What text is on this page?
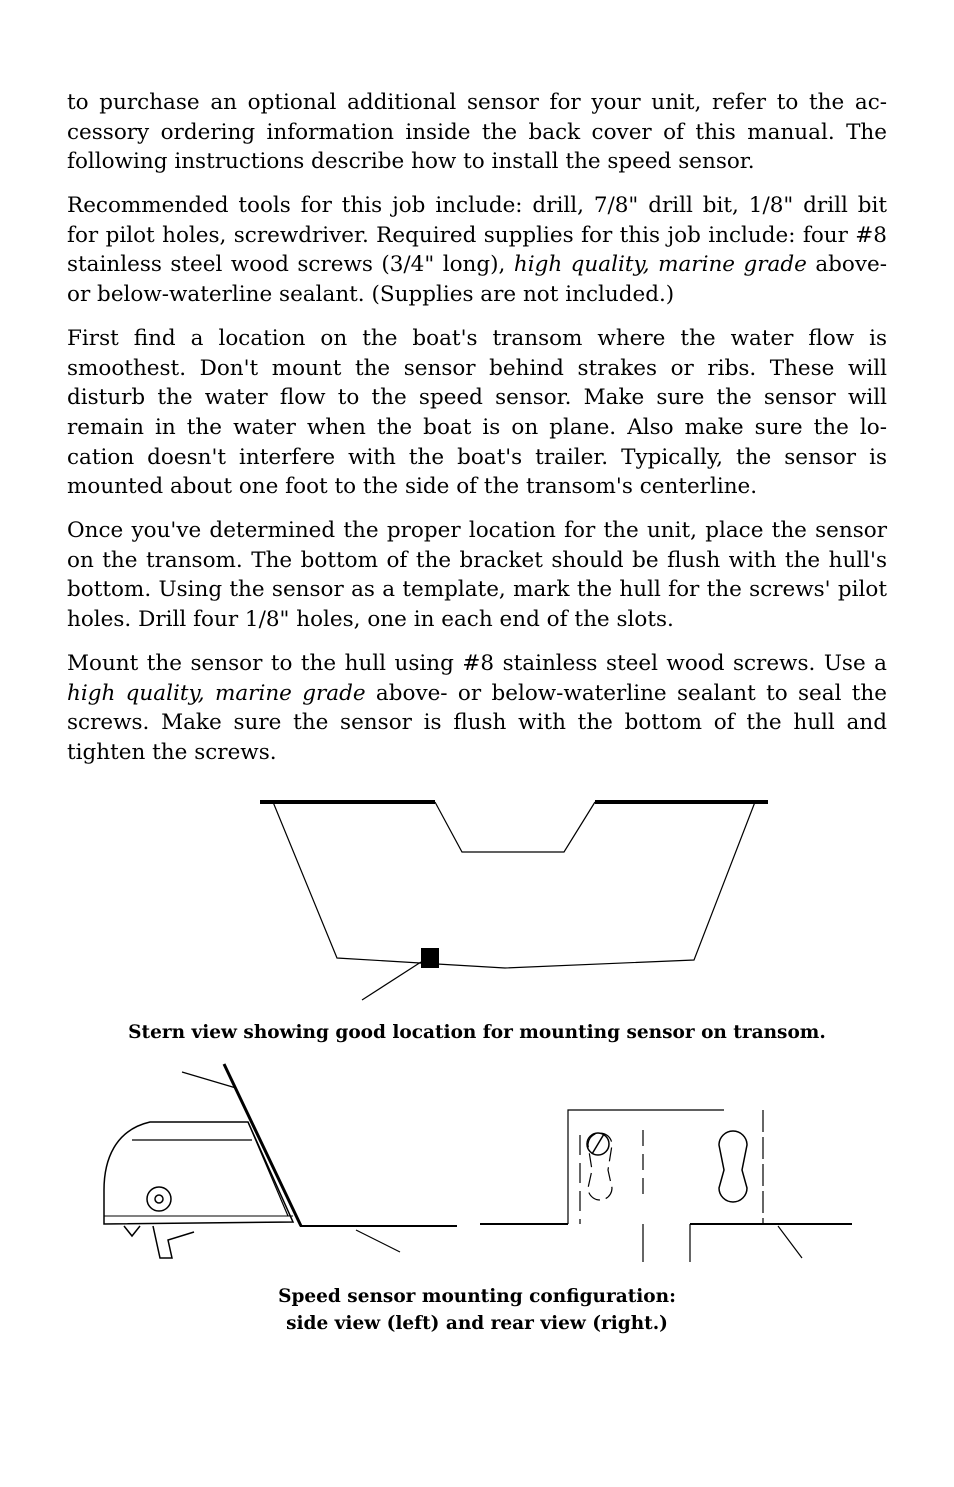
to purchase an optional additional sensor for your unit, refer to the accessory ordering information inside the back cover of this manual. The following instructions describe how to install the speed sensor.

Recommended tools for this job include: drill, 7/8" drill bit, 1/8" drill bit for pilot holes, screwdriver. Required supplies for this job include: four #8 stainless steel wood screws (3/4" long), high quality, marine grade above- or below-waterline sealant. (Supplies are not included.)

First find a location on the boat's transom where the water flow is smoothest. Don't mount the sensor behind strakes or ribs. These will disturb the water flow to the speed sensor. Make sure the sensor will remain in the water when the boat is on plane. Also make sure the location doesn't interfere with the boat's trailer. Typically, the sensor is mounted about one foot to the side of the transom's centerline.

Once you've determined the proper location for the unit, place the sensor on the transom. The bottom of the bracket should be flush with the hull's bottom. Using the sensor as a template, mark the hull for the screws' pilot holes. Drill four 1/8" holes, one in each end of the slots.

Mount the sensor to the hull using #8 stainless steel wood screws. Use a high quality, marine grade above- or below-waterline sealant to seal the screws. Make sure the sensor is flush with the bottom of the hull and tighten the screws.

Stern view showing good location for mounting sensor on transom.
Speed sensor mounting configuration:
side view (left) and rear view (right.)
